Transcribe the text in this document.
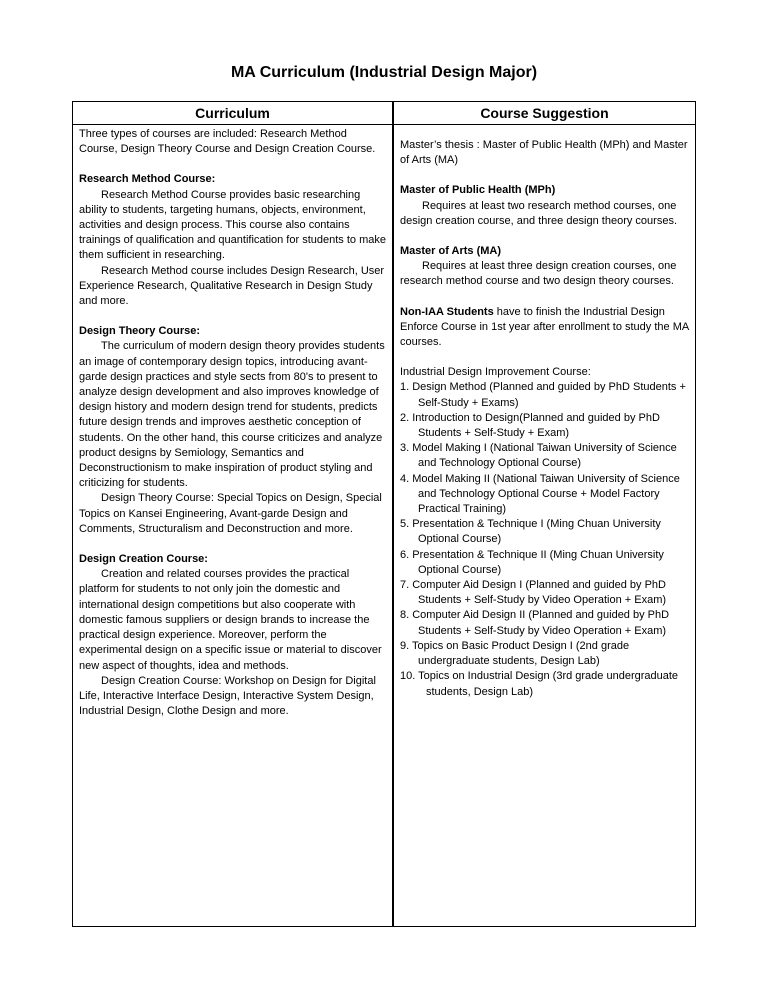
MA Curriculum (Industrial Design Major)
Curriculum

Three types of courses are included: Research Method Course, Design Theory Course and Design Creation Course.

Research Method Course:

Research Method Course provides basic researching ability to students, targeting humans, objects, environment, activities and design process. This course also contains trainings of qualification and quantification for students to make them sufficient in researching.

Research Method course includes Design Research, User Experience Research, Qualitative Research in Design Study and more.

Design Theory Course:

The curriculum of modern design theory provides students an image of contemporary design topics, introducing avant-garde design practices and style sects from 80's to present to analyze design development and also improves knowledge of design history and modern design trend for students, predicts future design trends and improves aesthetic conception of students. On the other hand, this course criticizes and analyze product designs by Semiology, Semantics and Deconstructionism to make inspiration of product styling and criticizing for students.

Design Theory Course: Special Topics on Design, Special Topics on Kansei Engineering, Avant-garde Design and Comments, Structuralism and Deconstruction and more.

Design Creation Course:

Creation and related courses provides the practical platform for students to not only join the domestic and international design competitions but also cooperate with domestic famous suppliers or design brands to increase the practical design experience. Moreover, perform the experimental design on a specific issue or material to discover new aspect of thoughts, idea and methods.

Design Creation Course: Workshop on Design for Digital Life, Interactive Interface Design, Interactive System Design, Industrial Design, Clothe Design and more.

Course Suggestion

Master’s thesis : Master of Public Health (MPh) and Master of Arts (MA)

Master of Public Health (MPh)

Requires at least two research method courses, one design creation course, and three design theory courses.

Master of Arts (MA)

Requires at least three design creation courses, one research method course and two design theory courses.

Non-IAA Students have to finish the Industrial Design Enforce Course in 1st year after enrollment to study the MA courses.

Industrial Design Improvement Course:

1. Design Method (Planned and guided by PhD Students + Self-Study + Exams)

2. Introduction to Design(Planned and guided by PhD Students + Self-Study + Exam)

3. Model Making I (National Taiwan University of Science and Technology Optional Course)

4. Model Making II (National Taiwan University of Science and Technology Optional Course + Model Factory Practical Training)

5. Presentation & Technique I (Ming Chuan University Optional Course)

6. Presentation & Technique II (Ming Chuan University Optional Course)

7. Computer Aid Design I (Planned and guided by PhD Students + Self-Study by Video Operation + Exam)

8. Computer Aid Design II (Planned and guided by PhD Students + Self-Study by Video Operation + Exam)

9. Topics on Basic Product Design I (2nd grade undergraduate students, Design Lab)

10. Topics on Industrial Design (3rd grade undergraduate students, Design Lab)
